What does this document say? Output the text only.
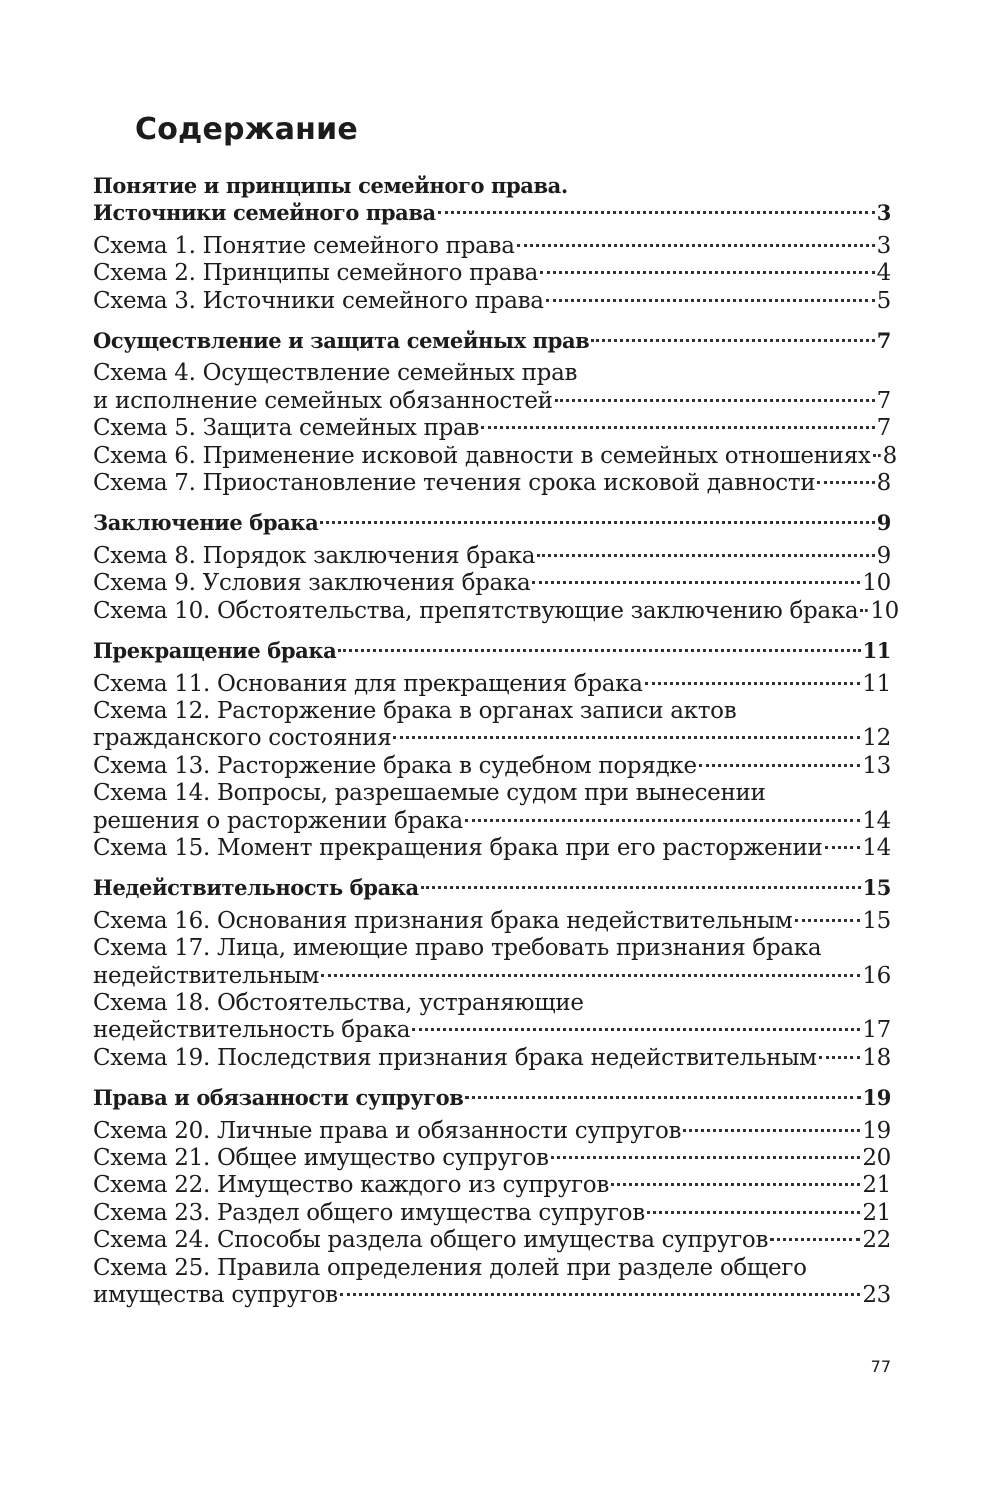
Содержание
Понятие и принципы семейного права.
Источники семейного права	3
Схема 1. Понятие семейного права	3
Схема 2. Принципы семейного права	4
Схема 3. Источники семейного права	5
Осуществление и защита семейных прав	7
Схема 4. Осуществление семейных прав
и исполнение семейных обязанностей	7
Схема 5. Защита семейных прав	7
Схема 6. Применение исковой давности в семейных отношениях 8
Схема 7. Приостановление течения срока исковой давности	8
Заключение брака	9
Схема 8. Порядок заключения брака	9
Схема 9. Условия заключения брака	10
Схема 10. Обстоятельства, препятствующие заключению брака 10
Прекращение брака	11
Схема 11. Основания для прекращения брака	11
Схема 12. Расторжение брака в органах записи актов
гражданского состояния	12
Схема 13. Расторжение брака в судебном порядке	13
Схема 14. Вопросы, разрешаемые судом при вынесении
решения о расторжении брака	14
Схема 15. Момент прекращения брака при его расторжении 14
Недействительность брака	15
Схема 16. Основания признания брака недействительным	15
Схема 17. Лица, имеющие право требовать признания брака
недействительным	16
Схема 18. Обстоятельства, устраняющие
недействительность брака	17
Схема 19. Последствия признания брака недействительным 18
Права и обязанности супругов	19
Схема 20. Личные права и обязанности супругов	19
Схема 21. Общее имущество супругов	20
Схема 22. Имущество каждого из супругов	21
Схема 23. Раздел общего имущества супругов	21
Схема 24. Способы раздела общего имущества супругов	22
Схема 25. Правила определения долей при разделе общего
имущества супругов	23
77
